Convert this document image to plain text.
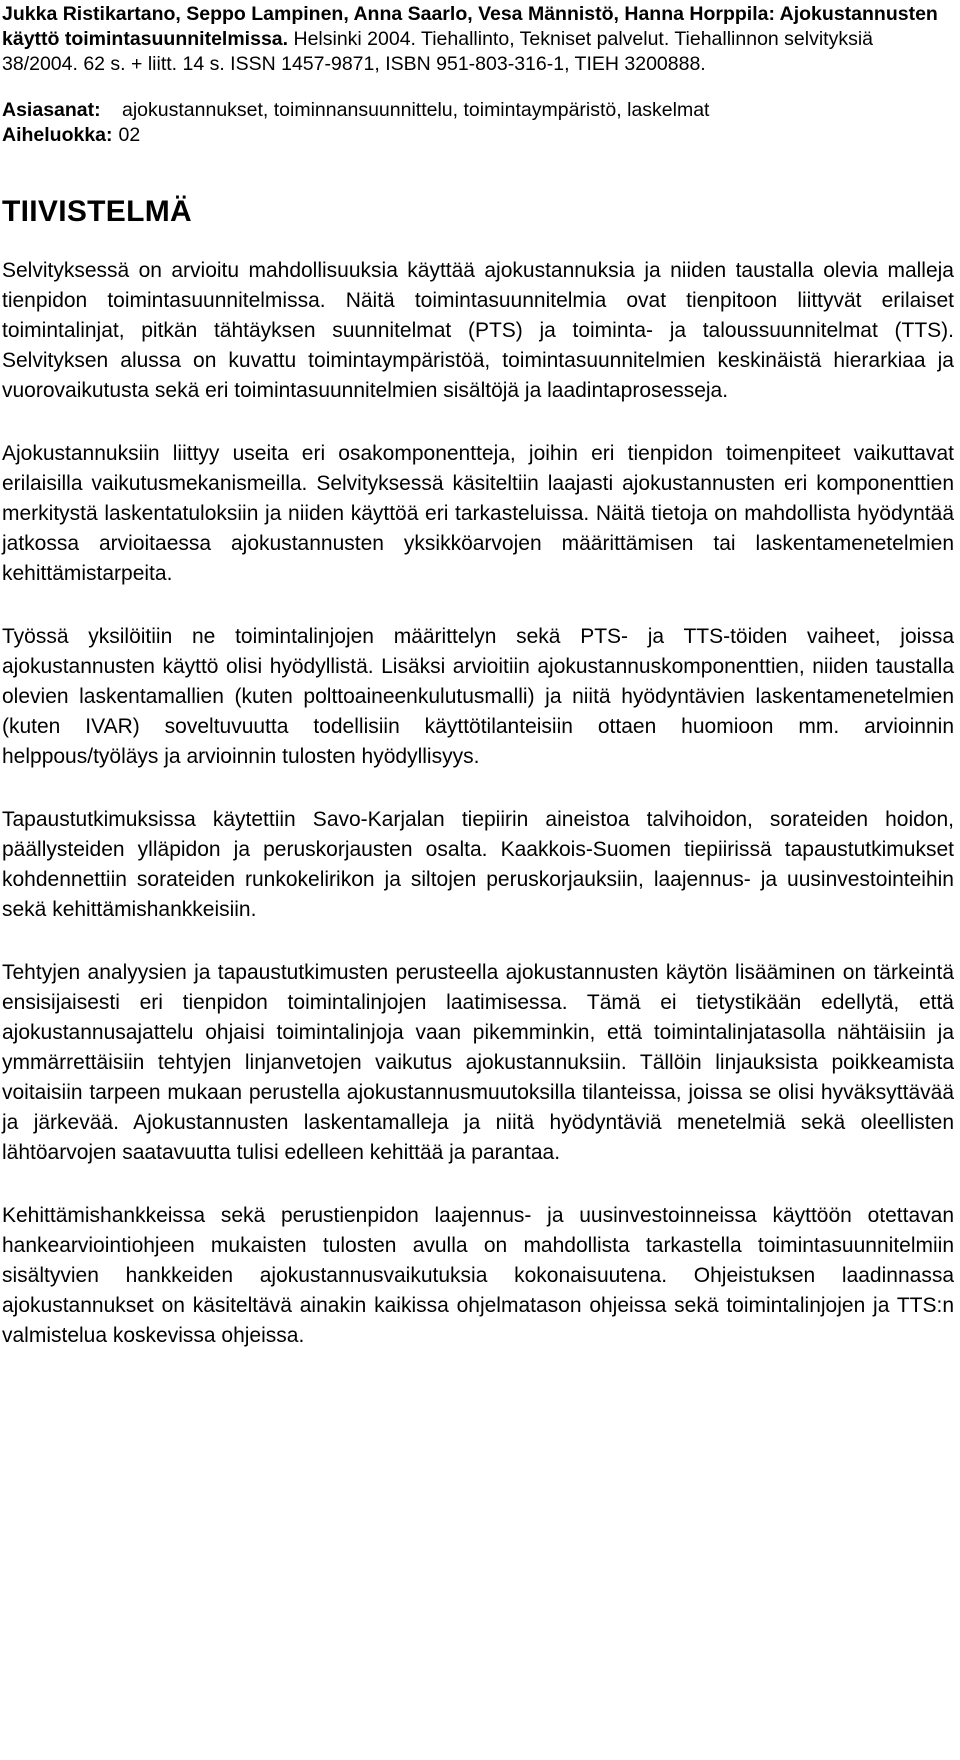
Jukka Ristikartano, Seppo Lampinen, Anna Saarlo, Vesa Männistö, Hanna Horppila: Ajokustannusten käyttö toimintasuunnitelmissa. Helsinki 2004. Tiehallinto, Tekniset palvelut. Tiehallinnon selvityksiä 38/2004. 62 s. + liitt. 14 s. ISSN 1457-9871, ISBN 951-803-316-1, TIEH 3200888.
Asiasanat:	ajokustannukset, toiminnansuunnittelu, toimintaympäristö, laskelmat
Aiheluokka: 02
TIIVISTELMÄ

Selvityksessä on arvioitu mahdollisuuksia käyttää ajokustannuksia ja niiden taustalla olevia malleja tienpidon toimintasuunnitelmissa. Näitä toimintasuunnitelmia ovat tienpitoon liittyvät erilaiset toimintalinjat, pitkän tähtäyksen suunnitelmat (PTS) ja toiminta- ja taloussuunnitelmat (TTS). Selvityksen alussa on kuvattu toimintaympäristöä, toimintasuunnitelmien keskinäistä hierarkiaa ja vuorovaikutusta sekä eri toimintasuunnitelmien sisältöjä ja laadintaprosesseja.

Ajokustannuksiin liittyy useita eri osakomponentteja, joihin eri tienpidon toimenpiteet vaikuttavat erilaisilla vaikutusmekanismeilla. Selvityksessä käsiteltiin laajasti ajokustannusten eri komponenttien merkitystä laskentatuloksiin ja niiden käyttöä eri tarkasteluissa. Näitä tietoja on mahdollista hyödyntää jatkossa arvioitaessa ajokustannusten yksikköarvojen määrittämisen tai laskentamenetelmien kehittämistarpeita.

Työssä yksilöitiin ne toimintalinjojen määrittelyn sekä PTS- ja TTS-töiden vaiheet, joissa ajokustannusten käyttö olisi hyödyllistä. Lisäksi arvioitiin ajokustannuskomponenttien, niiden taustalla olevien laskentamallien (kuten polttoaineenkulutusmalli) ja niitä hyödyntävien laskentamenetelmien (kuten IVAR) soveltuvuutta todellisiin käyttötilanteisiin ottaen huomioon mm. arvioinnin helppous/työläys ja arvioinnin tulosten hyödyllisyys.

Tapaustutkimuksissa käytettiin Savo-Karjalan tiepiirin aineistoa talvihoidon, sorateiden hoidon, päällysteiden ylläpidon ja peruskorjausten osalta. Kaakkois-Suomen tiepiirissä tapaustutkimukset kohdennettiin sorateiden runkokelirikon ja siltojen peruskorjauksiin, laajennus- ja uusinvestointeihin sekä kehittämishankkeisiin.

Tehtyjen analyysien ja tapaustutkimusten perusteella ajokustannusten käytön lisääminen on tärkeintä ensisijaisesti eri tienpidon toimintalinjojen laatimisessa. Tämä ei tietystikään edellytä, että ajokustannusajattelu ohjaisi toimintalinjoja vaan pikemminkin, että toimintalinjatasolla nähtäisiin ja ymmärrettäisiin tehtyjen linjanvetojen vaikutus ajokustannuksiin. Tällöin linjauksista poikkeamista voitaisiin tarpeen mukaan perustella ajokustannusmuutoksilla tilanteissa, joissa se olisi hyväksyttävää ja järkevää. Ajokustannusten laskentamalleja ja niitä hyödyntäviä menetelmiä sekä oleellisten lähtöarvojen saatavuutta tulisi edelleen kehittää ja parantaa.

Kehittämishankkeissa sekä perustienpidon laajennus- ja uusinvestoinneissa käyttöön otettavan hankearviointiohjeen mukaisten tulosten avulla on mahdollista tarkastella toimintasuunnitelmiin sisältyvien hankkeiden ajokustannusvaikutuksia kokonaisuutena. Ohjeistuksen laadinnassa ajokustannukset on käsiteltävä ainakin kaikissa ohjelmatason ohjeissa sekä toimintalinjojen ja TTS:n valmistelua koskevissa ohjeissa.
